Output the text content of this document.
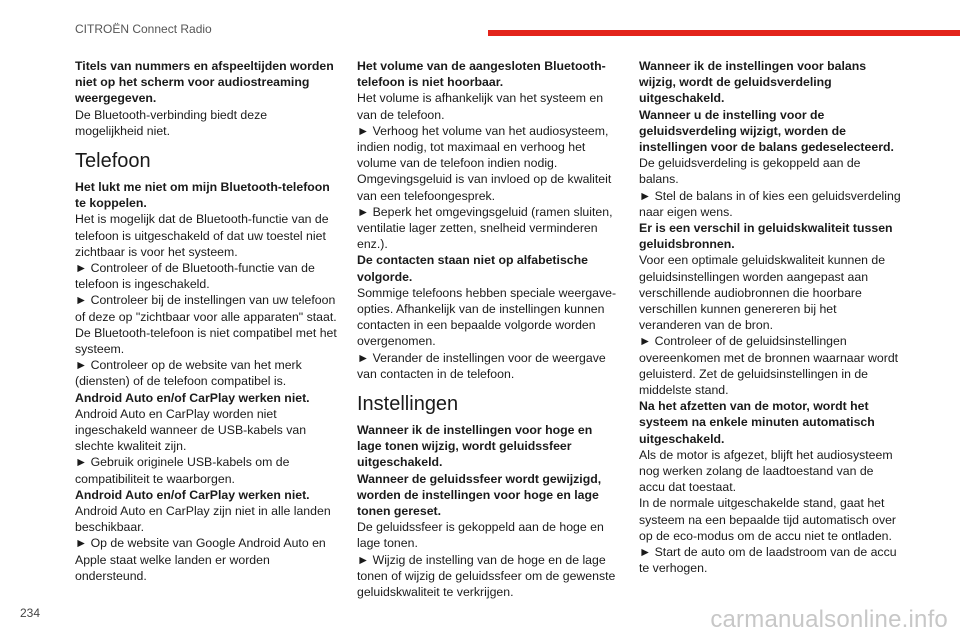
CITROËN Connect Radio

Titels van nummers en afspeeltijden worden niet op het scherm voor audiostreaming weergegeven.

De Bluetooth-verbinding biedt deze mogelijkheid niet.

Telefoon

Het lukt me niet om mijn Bluetooth-telefoon te koppelen.

Het is mogelijk dat de Bluetooth-functie van de telefoon is uitgeschakeld of dat uw toestel niet zichtbaar is voor het systeem.

► Controleer of de Bluetooth-functie van de telefoon is ingeschakeld.

► Controleer bij de instellingen van uw telefoon of deze op "zichtbaar voor alle apparaten" staat.

De Bluetooth-telefoon is niet compatibel met het systeem.

► Controleer op de website van het merk (diensten) of de telefoon compatibel is.

Android Auto en/of CarPlay werken niet.

Android Auto en CarPlay worden niet ingeschakeld wanneer de USB-kabels van slechte kwaliteit zijn.

► Gebruik originele USB-kabels om de compatibiliteit te waarborgen.

Android Auto en/of CarPlay werken niet.

Android Auto en CarPlay zijn niet in alle landen beschikbaar.

► Op de website van Google Android Auto en Apple staat welke landen er worden ondersteund.

Het volume van de aangesloten Bluetooth-telefoon is niet hoorbaar.

Het volume is afhankelijk van het systeem en van de telefoon.

► Verhoog het volume van het audiosysteem, indien nodig, tot maximaal en verhoog het volume van de telefoon indien nodig.

Omgevingsgeluid is van invloed op de kwaliteit van een telefoongesprek.

► Beperk het omgevingsgeluid (ramen sluiten, ventilatie lager zetten, snelheid verminderen enz.).

De contacten staan niet op alfabetische volgorde.

Sommige telefoons hebben speciale weergave-opties. Afhankelijk van de instellingen kunnen contacten in een bepaalde volgorde worden overgenomen.

► Verander de instellingen voor de weergave van contacten in de telefoon.

Instellingen

Wanneer ik de instellingen voor hoge en lage tonen wijzig, wordt geluidssfeer uitgeschakeld.

Wanneer de geluidssfeer wordt gewijzigd, worden de instellingen voor hoge en lage tonen gereset.

De geluidssfeer is gekoppeld aan de hoge en lage tonen.

► Wijzig de instelling van de hoge en de lage tonen of wijzig de geluidssfeer om de gewenste geluidskwaliteit te verkrijgen.

Wanneer ik de instellingen voor balans wijzig, wordt de geluidsverdeling uitgeschakeld.

Wanneer u de instelling voor de geluidsverdeling wijzigt, worden de instellingen voor de balans gedeselecteerd.

De geluidsverdeling is gekoppeld aan de balans.

► Stel de balans in of kies een geluidsverdeling naar eigen wens.

Er is een verschil in geluidskwaliteit tussen geluidsbronnen.

Voor een optimale geluidskwaliteit kunnen de geluidsinstellingen worden aangepast aan verschillende audiobronnen die hoorbare verschillen kunnen genereren bij het veranderen van de bron.

► Controleer of de geluidsinstellingen overeenkomen met de bronnen waarnaar wordt geluisterd. Zet de geluidsinstellingen in de middelste stand.

Na het afzetten van de motor, wordt het systeem na enkele minuten automatisch uitgeschakeld.

Als de motor is afgezet, blijft het audiosysteem nog werken zolang de laadtoestand van de accu dat toestaat.

In de normale uitgeschakelde stand, gaat het systeem na een bepaalde tijd automatisch over op de eco-modus om de accu niet te ontladen.

► Start de auto om de laadstroom van de accu te verhogen.

234	carmanualsonline.info
